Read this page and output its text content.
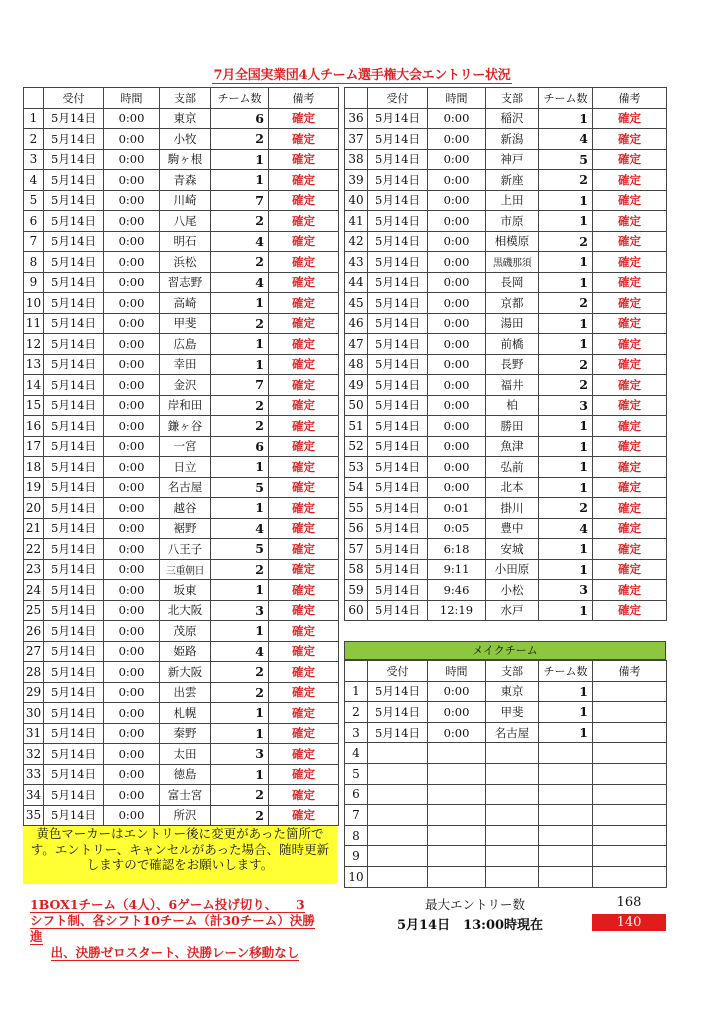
7月全国実業団4人チーム選手権大会エントリー状況
	受付	時間	支部	チーム数	備考
1	5月14日	0:00	東京	6	確定
2	5月14日	0:00	小牧	2	確定
3	5月14日	0:00	駒ヶ根	1	確定
4	5月14日	0:00	青森	1	確定
5	5月14日	0:00	川崎	7	確定
6	5月14日	0:00	八尾	2	確定
7	5月14日	0:00	明石	4	確定
8	5月14日	0:00	浜松	2	確定
9	5月14日	0:00	習志野	4	確定
10	5月14日	0:00	高崎	1	確定
11	5月14日	0:00	甲斐	2	確定
12	5月14日	0:00	広島	1	確定
13	5月14日	0:00	幸田	1	確定
14	5月14日	0:00	金沢	7	確定
15	5月14日	0:00	岸和田	2	確定
16	5月14日	0:00	鎌ヶ谷	2	確定
17	5月14日	0:00	一宮	6	確定
18	5月14日	0:00	日立	1	確定
19	5月14日	0:00	名古屋	5	確定
20	5月14日	0:00	越谷	1	確定
21	5月14日	0:00	裾野	4	確定
22	5月14日	0:00	八王子	5	確定
23	5月14日	0:00	三重朝日	2	確定
24	5月14日	0:00	坂東	1	確定
25	5月14日	0:00	北大阪	3	確定
26	5月14日	0:00	茂原	1	確定
27	5月14日	0:00	姫路	4	確定
28	5月14日	0:00	新大阪	2	確定
29	5月14日	0:00	出雲	2	確定
30	5月14日	0:00	札幌	1	確定
31	5月14日	0:00	秦野	1	確定
32	5月14日	0:00	太田	3	確定
33	5月14日	0:00	徳島	1	確定
34	5月14日	0:00	富士宮	2	確定
35	5月14日	0:00	所沢	2	確定
	受付	時間	支部	チーム数	備考
36	5月14日	0:00	稲沢	1	確定
37	5月14日	0:00	新潟	4	確定
38	5月14日	0:00	神戸	5	確定
39	5月14日	0:00	新座	2	確定
40	5月14日	0:00	上田	1	確定
41	5月14日	0:00	市原	1	確定
42	5月14日	0:00	相模原	2	確定
43	5月14日	0:00	黒磯那須	1	確定
44	5月14日	0:00	長岡	1	確定
45	5月14日	0:00	京都	2	確定
46	5月14日	0:00	湯田	1	確定
47	5月14日	0:00	前橋	1	確定
48	5月14日	0:00	長野	2	確定
49	5月14日	0:00	福井	2	確定
50	5月14日	0:00	柏	3	確定
51	5月14日	0:00	勝田	1	確定
52	5月14日	0:00	魚津	1	確定
53	5月14日	0:00	弘前	1	確定
54	5月14日	0:00	北本	1	確定
55	5月14日	0:01	掛川	2	確定
56	5月14日	0:05	豊中	4	確定
57	5月14日	6:18	安城	1	確定
58	5月14日	9:11	小田原	1	確定
59	5月14日	9:46	小松	3	確定
60	5月14日	12:19	水戸	1	確定

	受付	時間	支部	チーム数	備考
1	5月14日	0:00	東京	1	
2	5月14日	0:00	甲斐	1	
3	5月14日	0:00	名古屋	1	
4					
5					
6					
7					
8					
9					
10					
メイクチーム
黄色マーカーはエントリー後に変更があった箇所です。エントリー、キャンセルがあった場合、随時更新しますので確認をお願いします。
1BOX1チーム（4人）、6ゲーム投げ切り、　　3
シフト制、各シフト10チーム（計30チーム）決勝進

出、決勝ゼロスタート、決勝レーン移動なし
最大エントリー数	168
5月14日　13:00時現在	140
